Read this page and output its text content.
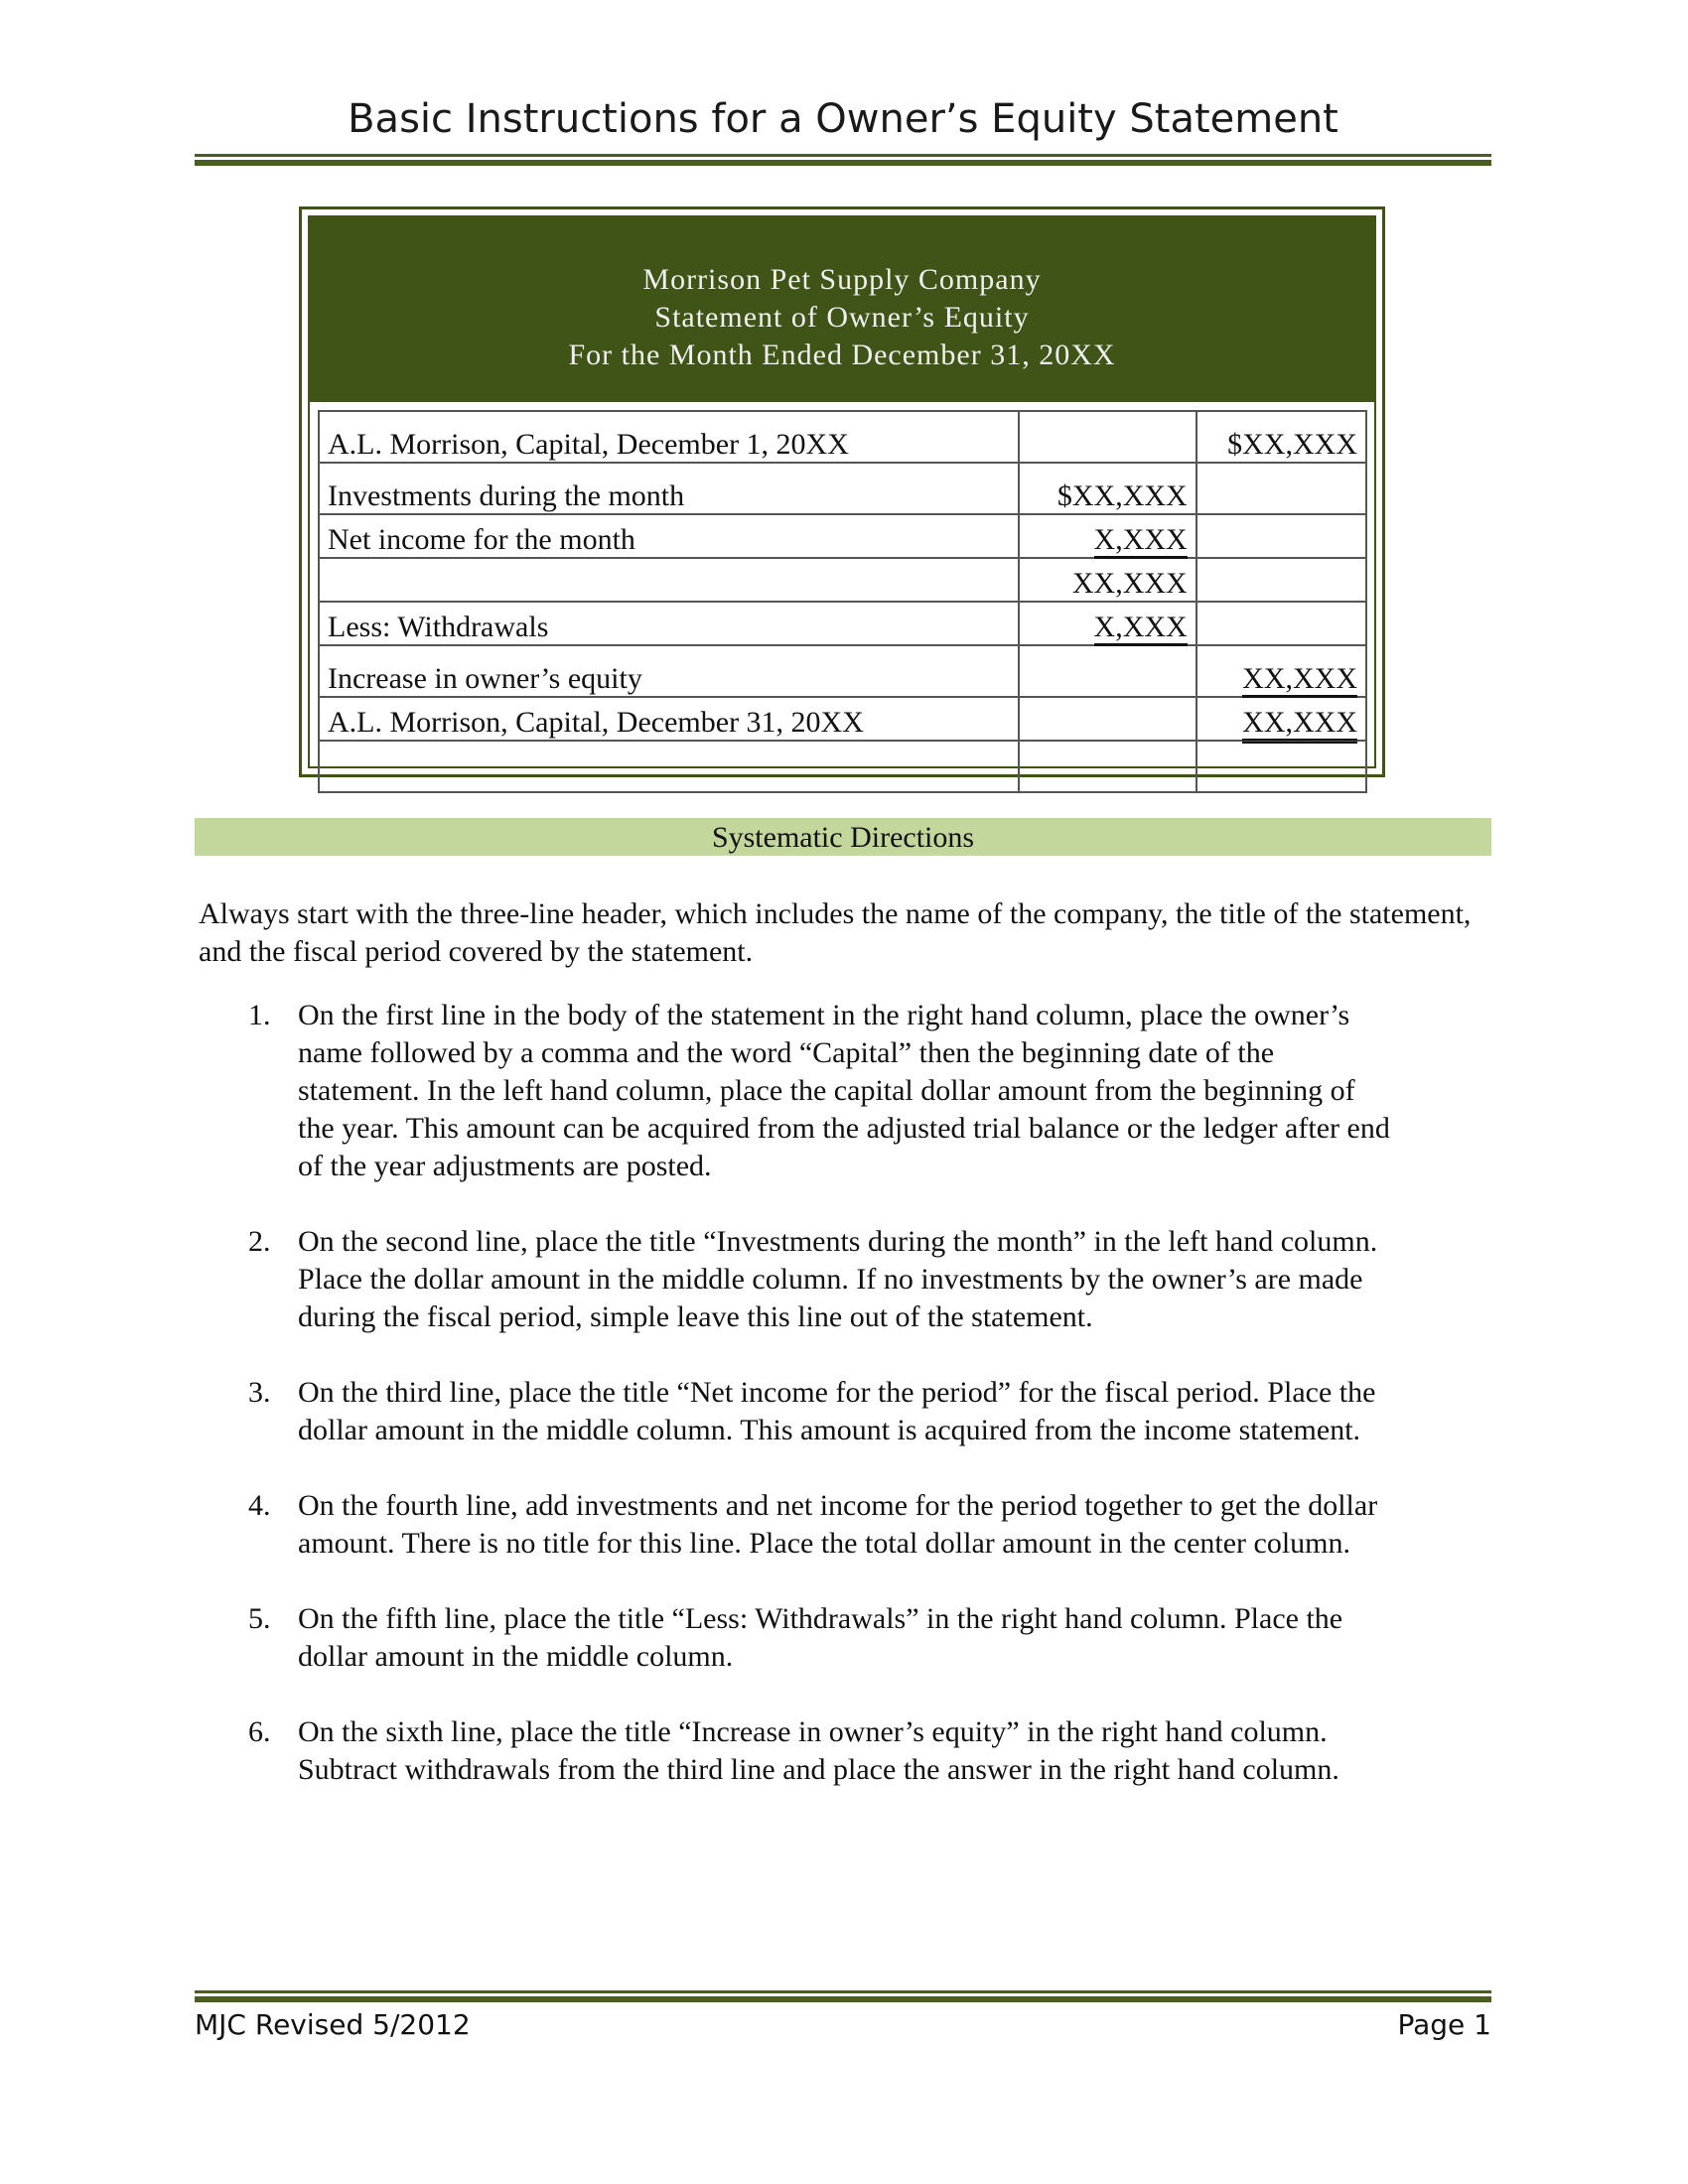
Basic Instructions for a Owner’s Equity Statement
Morrison Pet Supply Company
Statement of Owner’s Equity
For the Month Ended December 31, 20XX
A.L. Morrison, Capital, December 1, 20XX		$XX,XXX
Investments during the month	$XX,XXX	
Net income for the month	X,XXX	
	XX,XXX	
Less: Withdrawals	X,XXX	
Increase in owner’s equity		XX,XXX
A.L. Morrison, Capital, December 31, 20XX		XX,XXX

Systematic Directions

Always start with the three-line header, which includes the name of the company, the title of the statement, and the fiscal period covered by the statement.

1. On the first line in the body of the statement in the right hand column, place the owner’s name followed by a comma and the word “Capital” then the beginning date of the statement. In the left hand column, place the capital dollar amount from the beginning of the year. This amount can be acquired from the adjusted trial balance or the ledger after end of the year adjustments are posted.
2. On the second line, place the title “Investments during the month” in the left hand column. Place the dollar amount in the middle column. If no investments by the owner’s are made during the fiscal period, simple leave this line out of the statement.
3. On the third line, place the title “Net income for the period” for the fiscal period. Place the dollar amount in the middle column. This amount is acquired from the income statement.
4. On the fourth line, add investments and net income for the period together to get the dollar amount. There is no title for this line. Place the total dollar amount in the center column.
5. On the fifth line, place the title “Less: Withdrawals” in the right hand column. Place the dollar amount in the middle column.
6. On the sixth line, place the title “Increase in owner’s equity” in the right hand column. Subtract withdrawals from the third line and place the answer in the right hand column.
MJC Revised 5/2012	Page 1
